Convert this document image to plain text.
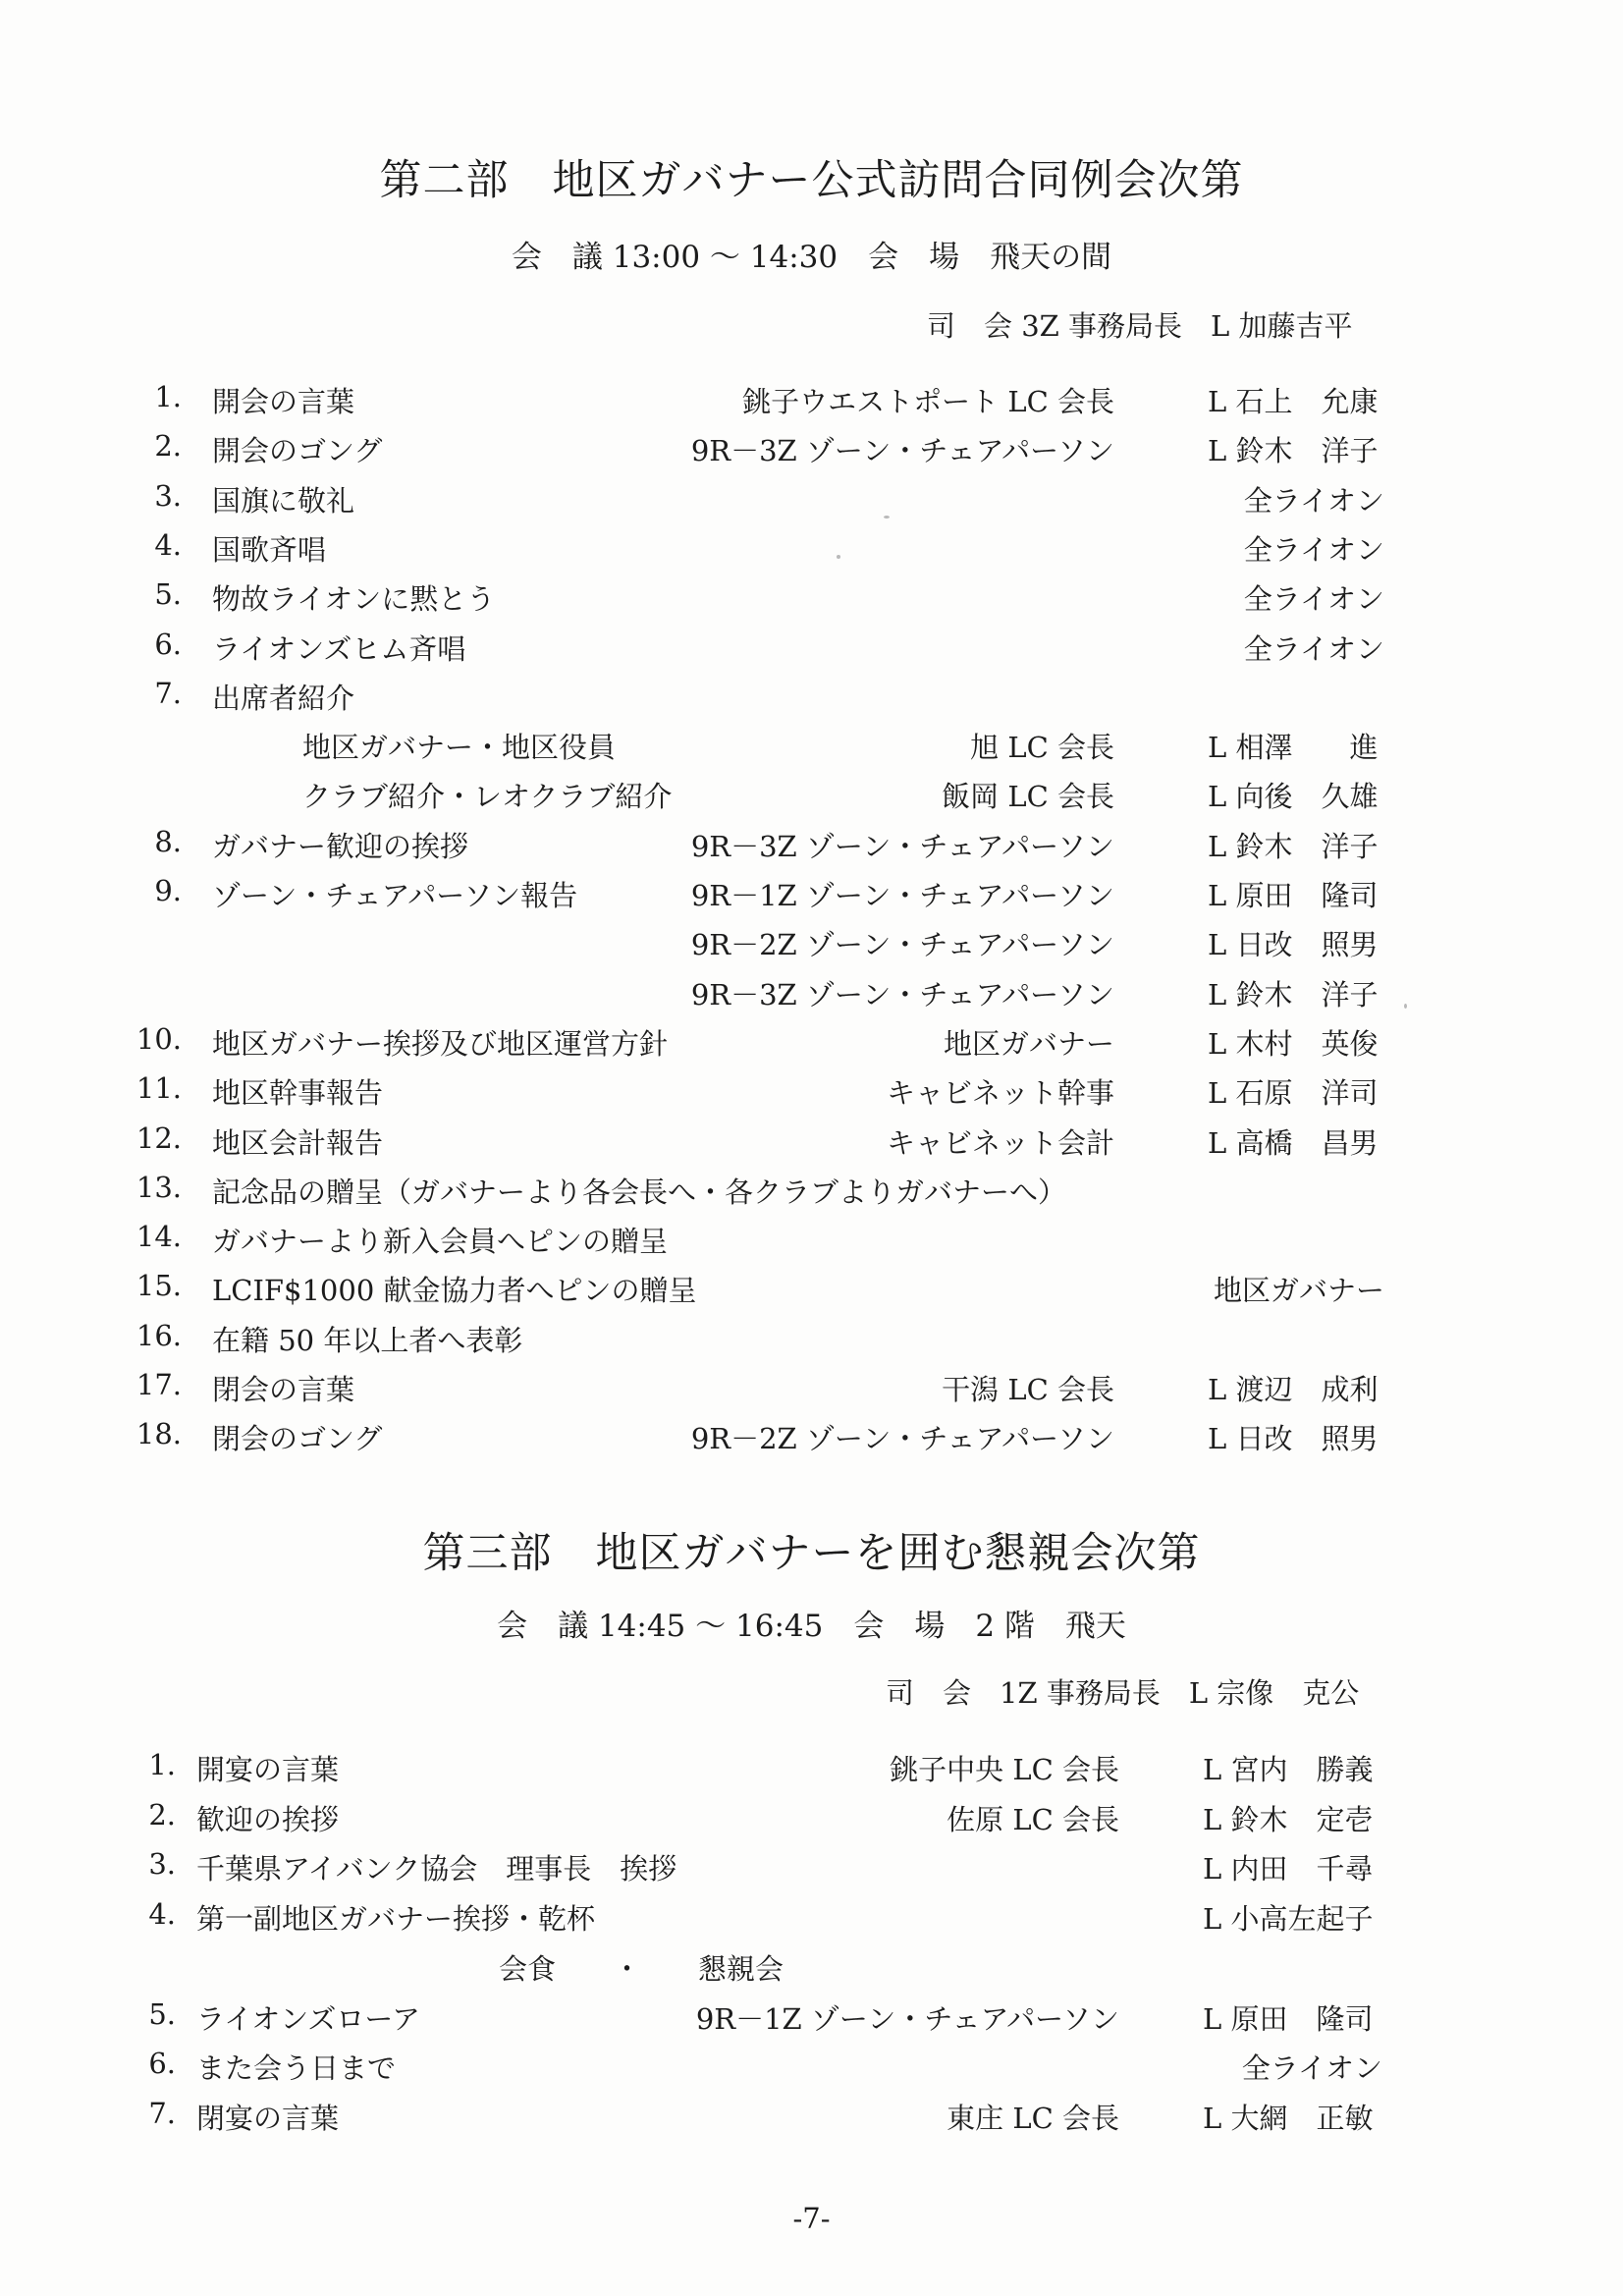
第二部　地区ガバナー公式訪問合同例会次第
会　議 13:00 ～ 14:30　会　場　飛天の間
司　会 3Z 事務局長　L 加藤吉平
1. 開会の言葉	銚子ウエストポート LC 会長	L 石上　允康
2. 開会のゴング	9R－3Z ゾーン・チェアパーソン	L 鈴木　洋子
3. 国旗に敬礼	全ライオン
4. 国歌斉唱	全ライオン
5. 物故ライオンに黙とう	全ライオン
6. ライオンズヒム斉唱	全ライオン
7. 出席者紹介
地区ガバナー・地区役員	旭 LC 会長	L 相澤　　進
クラブ紹介・レオクラブ紹介	飯岡 LC 会長	L 向後　久雄
8. ガバナー歓迎の挨拶	9R－3Z ゾーン・チェアパーソン	L 鈴木　洋子
9. ゾーン・チェアパーソン報告	9R－1Z ゾーン・チェアパーソン	L 原田　隆司
9R－2Z ゾーン・チェアパーソン	L 日改　照男
9R－3Z ゾーン・チェアパーソン	L 鈴木　洋子
10. 地区ガバナー挨拶及び地区運営方針	地区ガバナー	L 木村　英俊
11. 地区幹事報告	キャビネット幹事	L 石原　洋司
12. 地区会計報告	キャビネット会計	L 高橋　昌男
13. 記念品の贈呈（ガバナーより各会長へ・各クラブよりガバナーへ）
14. ガバナーより新入会員へピンの贈呈
15. LCIF$1000 献金協力者へピンの贈呈	地区ガバナー
16. 在籍 50 年以上者へ表彰
17. 閉会の言葉	干潟 LC 会長	L 渡辺　成利
18. 閉会のゴング	9R－2Z ゾーン・チェアパーソン	L 日改　照男
第三部　地区ガバナーを囲む懇親会次第
会　議 14:45 ～ 16:45　会　場　2 階　飛天
司　会　1Z 事務局長　L 宗像　克公
1. 開宴の言葉	銚子中央 LC 会長	L 宮内　勝義
2. 歓迎の挨拶	佐原 LC 会長	L 鈴木　定壱
3. 千葉県アイバンク協会　理事長　挨拶	L 内田　千尋
4. 第一副地区ガバナー挨拶・乾杯	L 小高左起子
会食　　・　　懇親会
5. ライオンズローア	9R－1Z ゾーン・チェアパーソン	L 原田　隆司
6. また会う日まで	全ライオン
7. 閉宴の言葉	東庄 LC 会長	L 大網　正敏
-7-
